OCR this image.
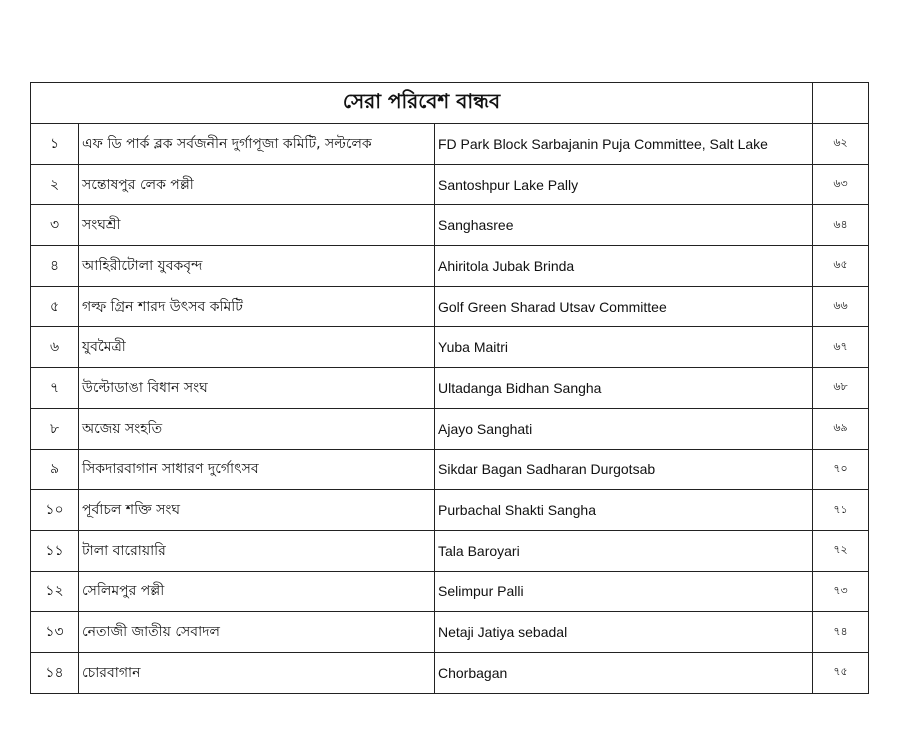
সেরা পরিবেশ বান্ধব			
১	এফ ডি পার্ক ব্লক সর্বজনীন দুর্গাপূজা কমিটি, সল্টলেক	FD Park Block Sarbajanin Puja Committee, Salt Lake	৬২
২	সন্তোষপুর লেক পল্লী	Santoshpur Lake Pally	৬৩
৩	সংঘশ্রী	Sanghasree	৬৪
৪	আহিরীটোলা যুবকবৃন্দ	Ahiritola Jubak Brinda	৬৫
৫	গল্ফ গ্রিন শারদ উৎসব কমিটি	Golf Green Sharad Utsav Committee	৬৬
৬	যুবমৈত্রী	Yuba Maitri	৬৭
৭	উল্টোডাঙা বিধান সংঘ	Ultadanga Bidhan Sangha	৬৮
৮	অজেয় সংহতি	Ajayo Sanghati	৬৯
৯	সিকদারবাগান সাধারণ দুর্গোৎসব	Sikdar Bagan Sadharan Durgotsab	৭০
১০	পূর্বাচল শক্তি সংঘ	Purbachal Shakti Sangha	৭১
১১	টালা বারোয়ারি	Tala Baroyari	৭২
১২	সেলিমপুর পল্লী	Selimpur Palli	৭৩
১৩	নেতাজী জাতীয় সেবাদল	Netaji Jatiya sebadal	৭৪
১৪	চোরবাগান	Chorbagan	৭৫
